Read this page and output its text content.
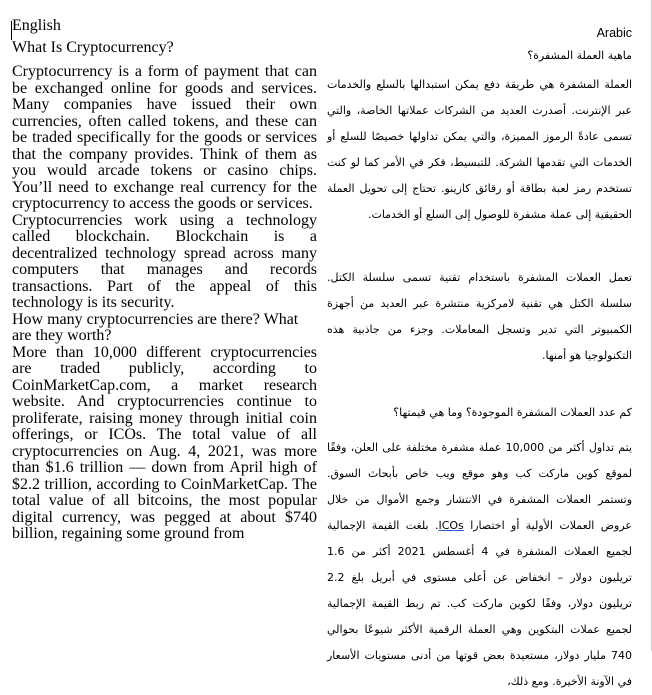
English
What Is Cryptocurrency?

Cryptocurrency is a form of payment that can be exchanged online for goods and services. Many companies have issued their own currencies, often called tokens, and these can be traded specifically for the goods or services that the company provides. Think of them as you would arcade tokens or casino chips. You’ll need to exchange real currency for the cryptocurrency to access the goods or services.

Cryptocurrencies work using a technology called blockchain. Blockchain is a decentralized technology spread across many computers that manages and records transactions. Part of the appeal of this technology is its security.

How many cryptocurrencies are there? What are they worth?

More than 10,000 different cryptocurrencies are traded publicly, according to CoinMarketCap.com, a market research website. And cryptocurrencies continue to proliferate, raising money through initial coin offerings, or ICOs. The total value of all cryptocurrencies on Aug. 4, 2021, was more than $1.6 trillion — down from April high of $2.2 trillion, according to CoinMarketCap. The total value of all bitcoins, the most popular digital currency, was pegged at about $740 billion, regaining some ground from

Arabic
ماهية العملة المشفرة؟

العملة المشفرة هي طريقة دفع يمكن استبدالها بالسلع والخدمات عبر الإنترنت. أصدرت العديد من الشركات عملاتها الخاصة، والتي تسمى عادةً الرموز المميزة، والتي يمكن تداولها خصيصًا للسلع أو الخدمات التي تقدمها الشركة. للتبسيط، فكر في الأمر كما لو كنت تستخدم رمز لعبة بطاقة أو رقائق كازينو. تحتاج إلى تحويل العملة الحقيقية إلى عملة مشفرة للوصول إلى السلع أو الخدمات.

تعمل العملات المشفرة باستخدام تقنية تسمى سلسلة الكتل. سلسلة الكتل هي تقنية لامركزية منتشرة عبر العديد من أجهزة الكمبيوتر التي تدير وتسجل المعاملات. وجزء من جاذبية هذه التكنولوجيا هو أمنها.

كم عدد العملات المشفرة الموجودة؟ وما هي قيمتها؟

يتم تداول أكثر من 10,000 عملة مشفرة مختلفة على العلن، وفقًا لموقع كوين ماركت كب وهو موقع ويب خاص بأبحاث السوق. وتستمر العملات المشفرة في الانتشار وجمع الأموال من خلال عروض العملات الأولية أو اختصارا ICOs. بلغت القيمة الإجمالية لجميع العملات المشفرة في 4 أغسطس 2021 أكثر من 1.6 تريليون دولار – انخفاض عن أعلى مستوى في أبريل بلغ 2.2 تريليون دولار، وفقًا لكوين ماركت كب. تم ربط القيمة الإجمالية لجميع عملات البتكوين وهي العملة الرقمية الأكثر شيوعًا بحوالي 740 مليار دولار، مستعيدة بعض قوتها من أدنى مستويات الأسعار في الآونة الأخيرة. ومع ذلك،
